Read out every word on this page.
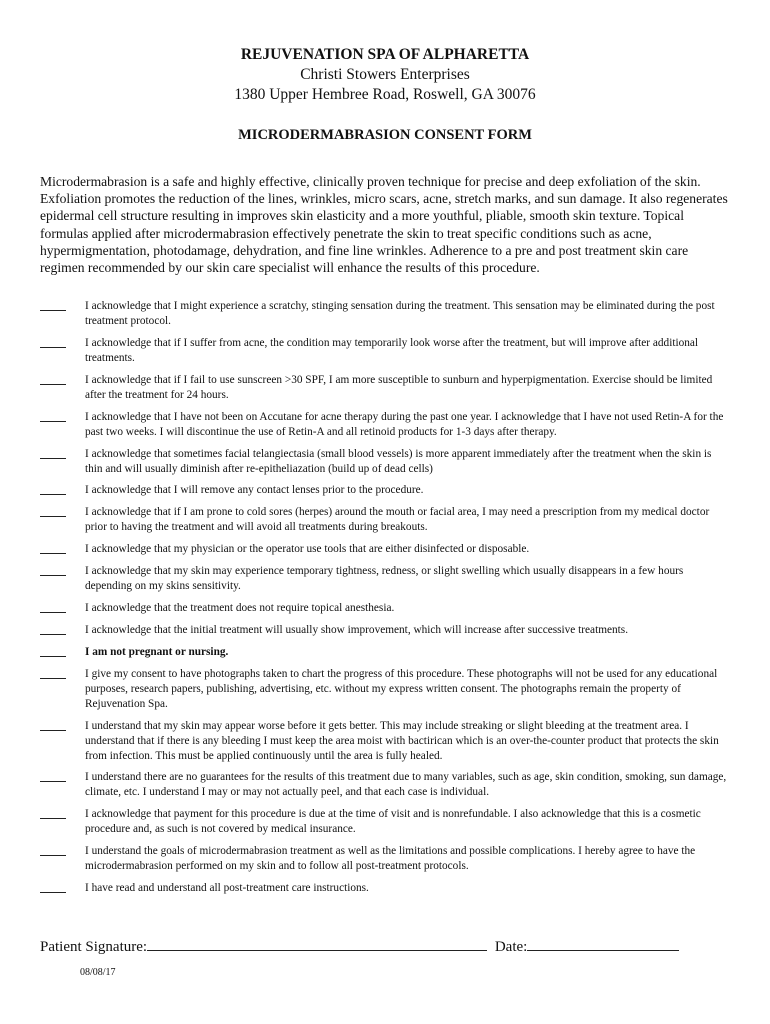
REJUVENATION SPA OF ALPHARETTA
Christi Stowers Enterprises
1380 Upper Hembree Road, Roswell, GA 30076
MICRODERMABRASION CONSENT FORM
Microdermabrasion is a safe and highly effective, clinically proven technique for precise and deep exfoliation of the skin. Exfoliation promotes the reduction of the lines, wrinkles, micro scars, acne, stretch marks, and sun damage. It also regenerates epidermal cell structure resulting in improves skin elasticity and a more youthful, pliable, smooth skin texture. Topical formulas applied after microdermabrasion effectively penetrate the skin to treat specific conditions such as acne, hypermigmentation, photodamage, dehydration, and fine line wrinkles. Adherence to a pre and post treatment skin care regimen recommended by our skin care specialist will enhance the results of this procedure.
I acknowledge that I might experience a scratchy, stinging sensation during the treatment. This sensation may be eliminated during the post treatment protocol.
I acknowledge that if I suffer from acne, the condition may temporarily look worse after the treatment, but will improve after additional treatments.
I acknowledge that if I fail to use sunscreen >30 SPF, I am more susceptible to sunburn and hyperpigmentation. Exercise should be limited after the treatment for 24 hours.
I acknowledge that I have not been on Accutane for acne therapy during the past one year. I acknowledge that I have not used Retin-A for the past two weeks. I will discontinue the use of Retin-A and all retinoid products for 1-3 days after therapy.
I acknowledge that sometimes facial telangiectasia (small blood vessels) is more apparent immediately after the treatment when the skin is thin and will usually diminish after re-epitheliazation (build up of dead cells)
I acknowledge that I will remove any contact lenses prior to the procedure.
I acknowledge that if I am prone to cold sores (herpes) around the mouth or facial area, I may need a prescription from my medical doctor prior to having the treatment and will avoid all treatments during breakouts.
I acknowledge that my physician or the operator use tools that are either disinfected or disposable.
I acknowledge that my skin may experience temporary tightness, redness, or slight swelling which usually disappears in a few hours depending on my skins sensitivity.
I acknowledge that the treatment does not require topical anesthesia.
I acknowledge that the initial treatment will usually show improvement, which will increase after successive treatments.
I am not pregnant or nursing.
I give my consent to have photographs taken to chart the progress of this procedure. These photographs will not be used for any educational purposes, research papers, publishing, advertising, etc. without my express written consent. The photographs remain the property of Rejuvenation Spa.
I understand that my skin may appear worse before it gets better. This may include streaking or slight bleeding at the treatment area. I understand that if there is any bleeding I must keep the area moist with bactirican which is an over-the-counter product that protects the skin from infection. This must be applied continuously until the area is fully healed.
I understand there are no guarantees for the results of this treatment due to many variables, such as age, skin condition, smoking, sun damage, climate, etc. I understand I may or may not actually peel, and that each case is individual.
I acknowledge that payment for this procedure is due at the time of visit and is nonrefundable. I also acknowledge that this is a cosmetic procedure and, as such is not covered by medical insurance.
I understand the goals of microdermabrasion treatment as well as the limitations and possible complications. I hereby agree to have the microdermabrasion performed on my skin and to follow all post-treatment protocols.
I have read and understand all post-treatment care instructions.
Patient Signature:	Date:
08/08/17
